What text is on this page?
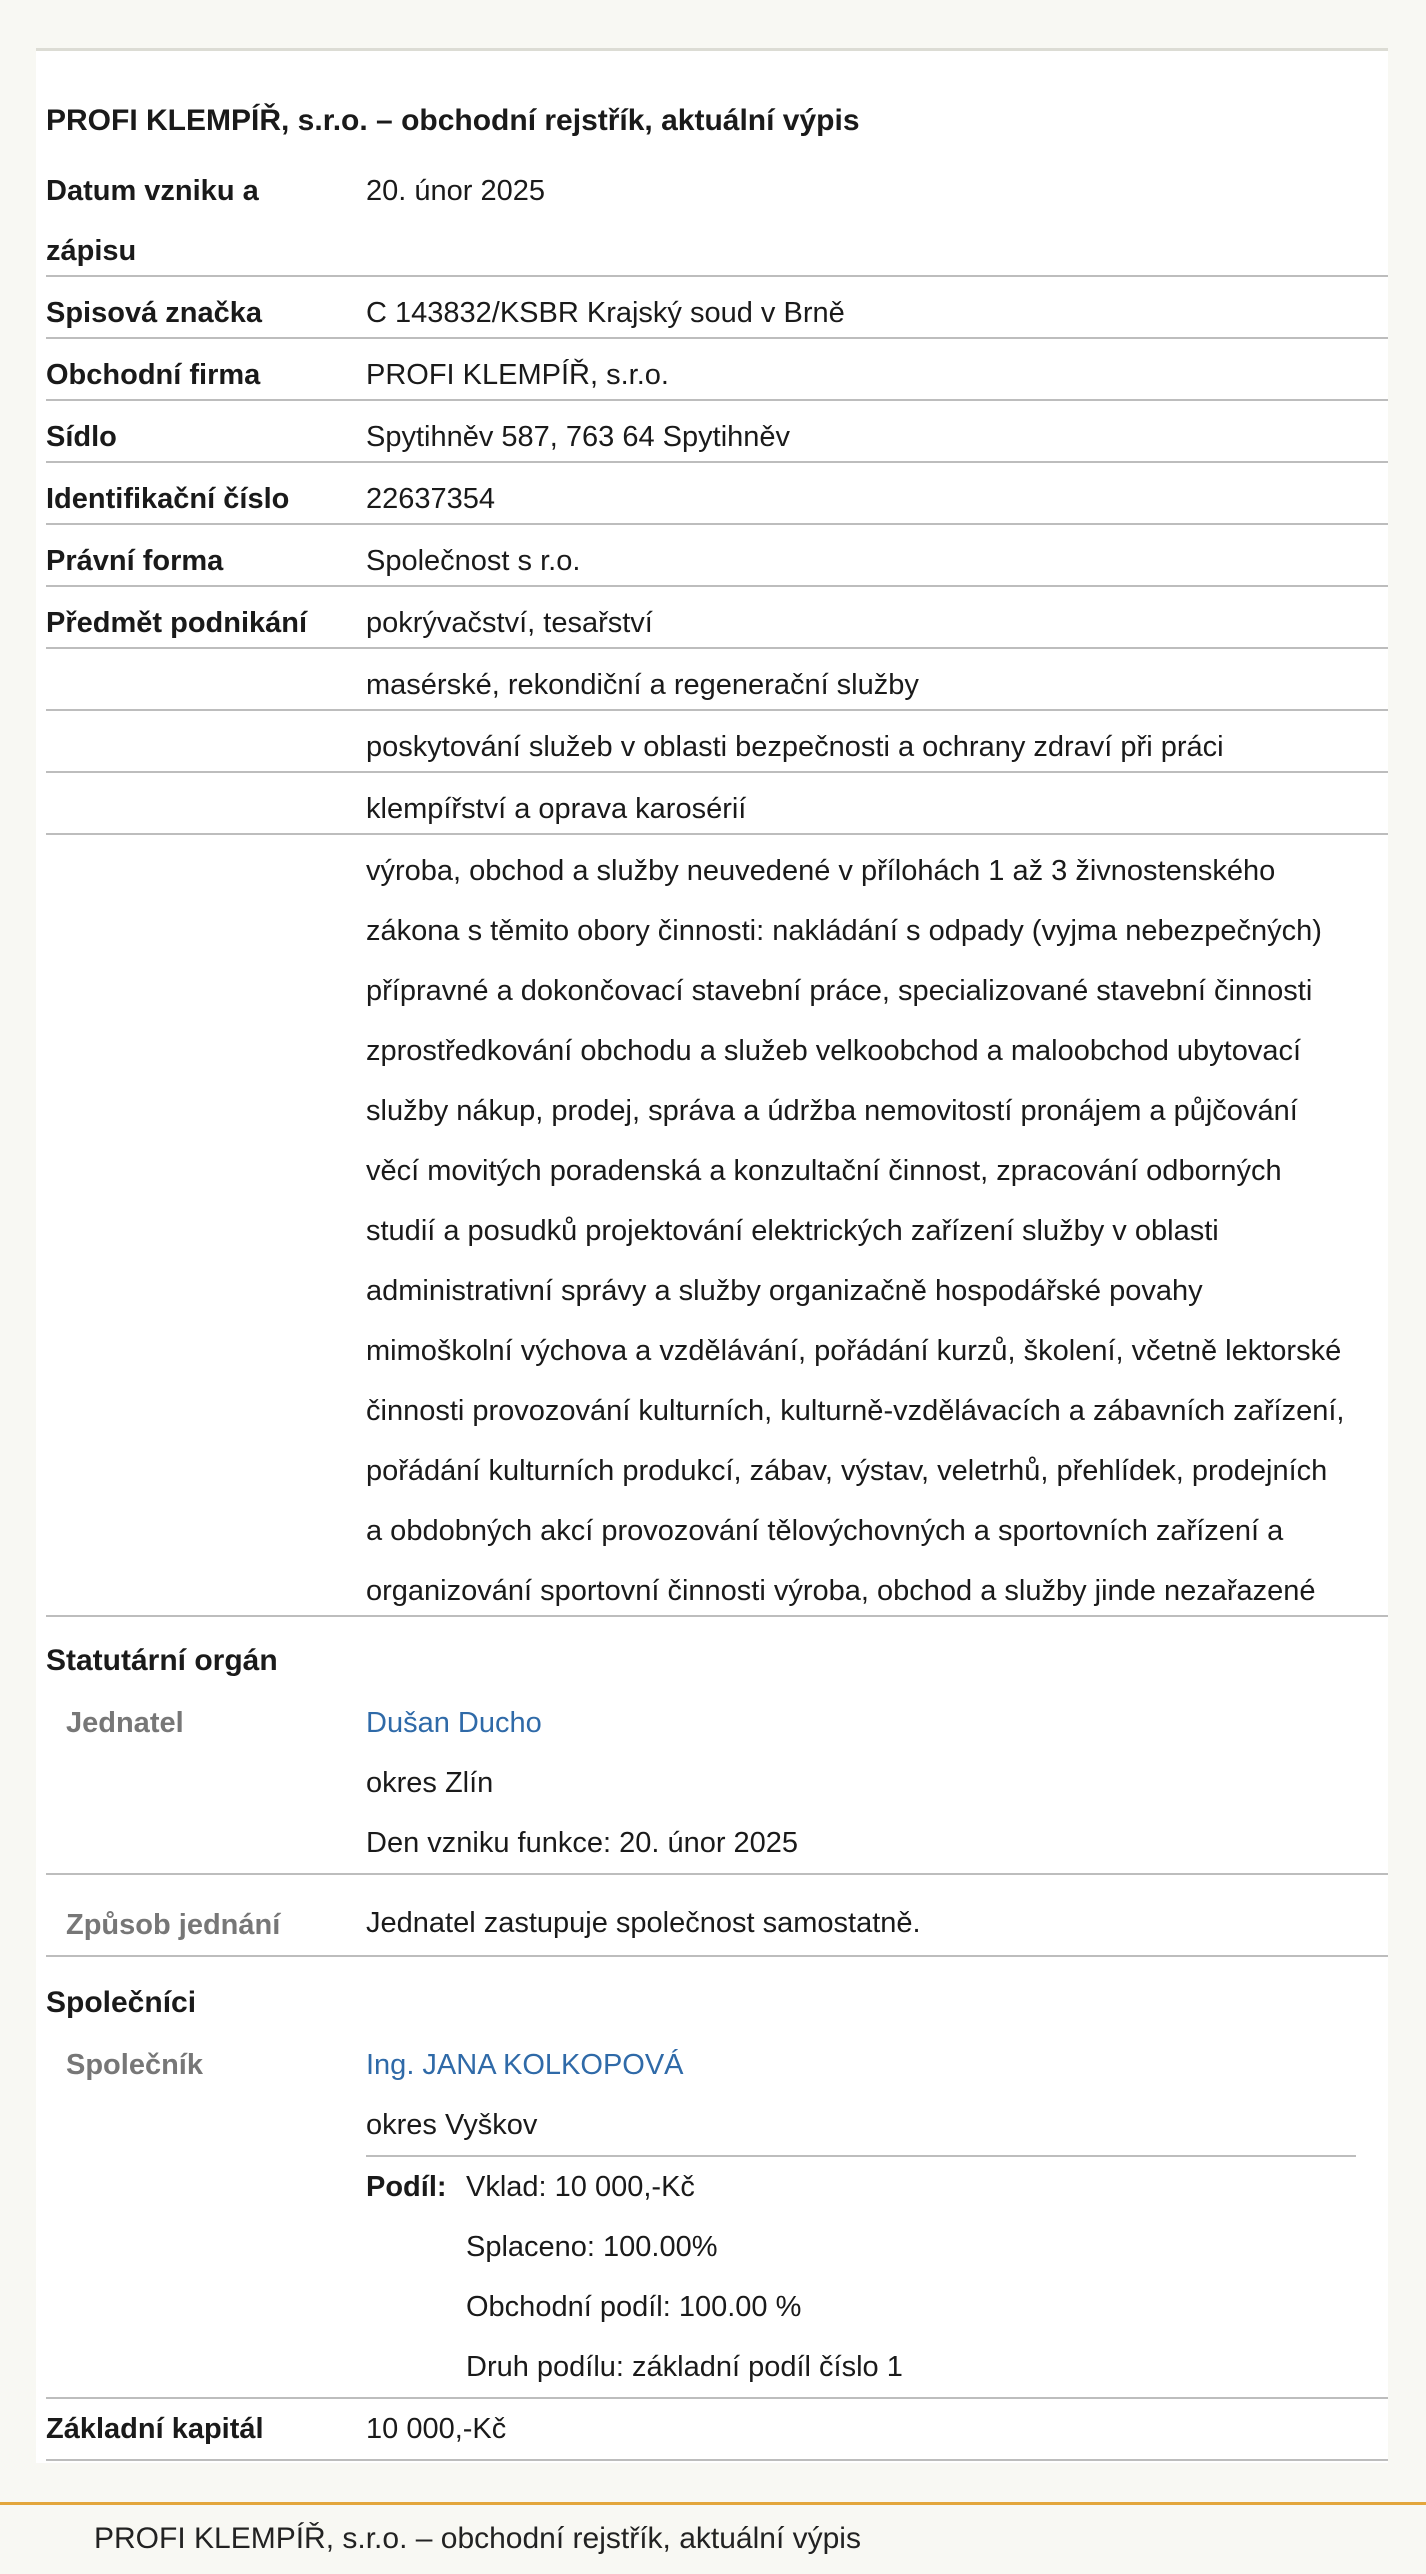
PROFI KLEMPÍŘ, s.r.o. – obchodní rejstřík, aktuální výpis
Datum vzniku a	20. únor 2025
zápisu
Spisová značka	C 143832/KSBR Krajský soud v Brně
Obchodní firma	PROFI KLEMPÍŘ, s.r.o.
Sídlo	Spytihněv 587, 763 64 Spytihněv
Identifikační číslo	22637354
Právní forma	Společnost s r.o.
Předmět podnikání	pokrývačství, tesařství
masérské, rekondiční a regenerační služby
poskytování služeb v oblasti bezpečnosti a ochrany zdraví při práci
klempířství a oprava karosérií
výroba, obchod a služby neuvedené v přílohách 1 až 3 živnostenského
zákona s těmito obory činnosti: nakládání s odpady (vyjma nebezpečných)
přípravné a dokončovací stavební práce, specializované stavební činnosti
zprostředkování obchodu a služeb velkoobchod a maloobchod ubytovací
služby nákup, prodej, správa a údržba nemovitostí pronájem a půjčování
věcí movitých poradenská a konzultační činnost, zpracování odborných
studií a posudků projektování elektrických zařízení služby v oblasti
administrativní správy a služby organizačně hospodářské povahy
mimoškolní výchova a vzdělávání, pořádání kurzů, školení, včetně lektorské
činnosti provozování kulturních, kulturně-vzdělávacích a zábavních zařízení,
pořádání kulturních produkcí, zábav, výstav, veletrhů, přehlídek, prodejních
a obdobných akcí provozování tělovýchovných a sportovních zařízení a
organizování sportovní činnosti výroba, obchod a služby jinde nezařazené
Statutární orgán
Jednatel	Dušan Ducho
okres Zlín
Den vzniku funkce: 20. únor 2025
Způsob jednání	Jednatel zastupuje společnost samostatně.
Společníci
Společník	Ing. JANA KOLKOPOVÁ
okres Vyškov
Podíl: Vklad: 10 000,-Kč
Splaceno: 100.00%
Obchodní podíl: 100.00 %
Druh podílu: základní podíl číslo 1
Základní kapitál	10 000,-Kč
PROFI KLEMPÍŘ, s.r.o. – obchodní rejstřík, aktuální výpis
